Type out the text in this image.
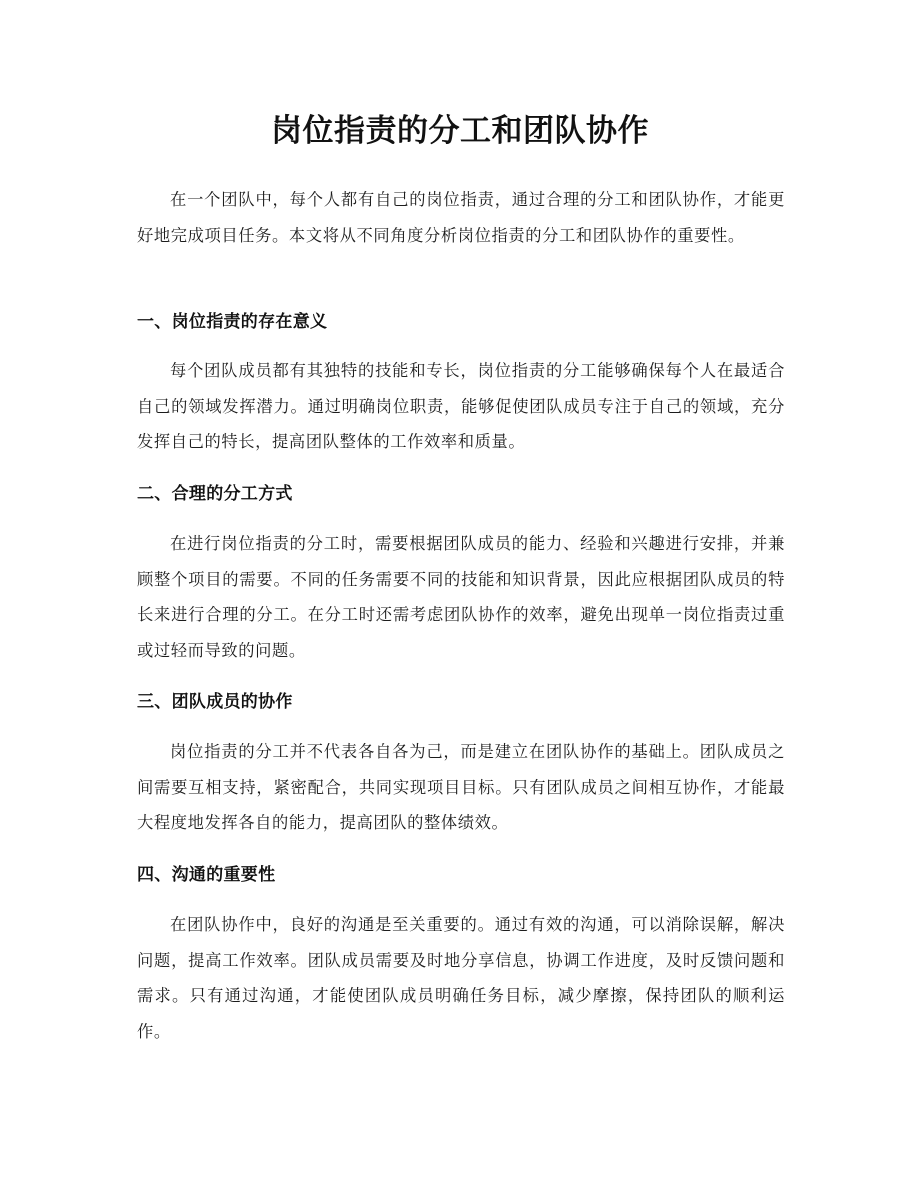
岗位指责的分工和团队协作

在一个团队中，每个人都有自己的岗位指责，通过合理的分工和团队协作，才能更好地完成项目任务。本文将从不同角度分析岗位指责的分工和团队协作的重要性。

一、岗位指责的存在意义

每个团队成员都有其独特的技能和专长，岗位指责的分工能够确保每个人在最适合自己的领域发挥潜力。通过明确岗位职责，能够促使团队成员专注于自己的领域，充分发挥自己的特长，提高团队整体的工作效率和质量。

二、合理的分工方式

在进行岗位指责的分工时，需要根据团队成员的能力、经验和兴趣进行安排，并兼顾整个项目的需要。不同的任务需要不同的技能和知识背景，因此应根据团队成员的特长来进行合理的分工。在分工时还需考虑团队协作的效率，避免出现单一岗位指责过重或过轻而导致的问题。

三、团队成员的协作

岗位指责的分工并不代表各自各为己，而是建立在团队协作的基础上。团队成员之间需要互相支持，紧密配合，共同实现项目目标。只有团队成员之间相互协作，才能最大程度地发挥各自的能力，提高团队的整体绩效。

四、沟通的重要性

在团队协作中，良好的沟通是至关重要的。通过有效的沟通，可以消除误解，解决问题，提高工作效率。团队成员需要及时地分享信息，协调工作进度，及时反馈问题和需求。只有通过沟通，才能使团队成员明确任务目标，减少摩擦，保持团队的顺利运作。
